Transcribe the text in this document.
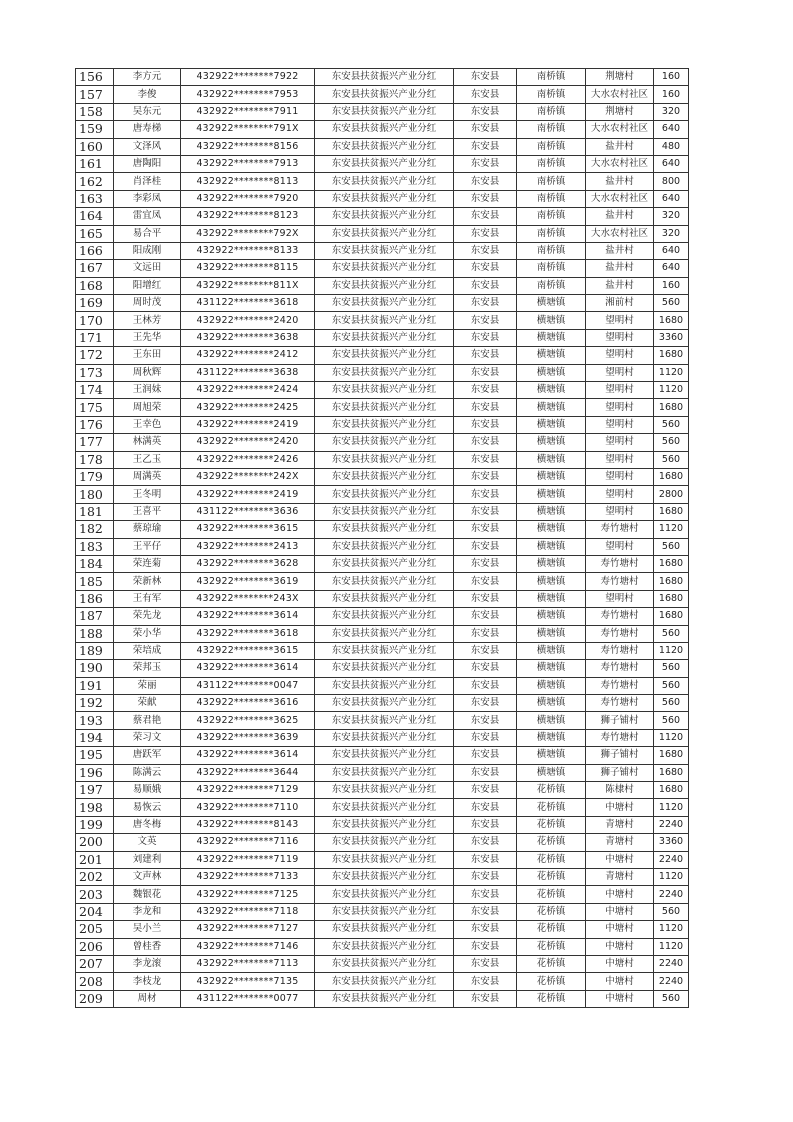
156	李方元	432922********7922	东安县扶贫振兴产业分红	东安县	南桥镇	荆塘村	160
157	李俊	432922********7953	东安县扶贫振兴产业分红	东安县	南桥镇	大水农村社区	160
158	吴东元	432922********7911	东安县扶贫振兴产业分红	东安县	南桥镇	荆塘村	320
159	唐寿梯	432922********791X	东安县扶贫振兴产业分红	东安县	南桥镇	大水农村社区	640
160	文泽风	432922********8156	东安县扶贫振兴产业分红	东安县	南桥镇	盐井村	480
161	唐陶阳	432922********7913	东安县扶贫振兴产业分红	东安县	南桥镇	大水农村社区	640
162	肖泽桂	432922********8113	东安县扶贫振兴产业分红	东安县	南桥镇	盐井村	800
163	李彩凤	432922********7920	东安县扶贫振兴产业分红	东安县	南桥镇	大水农村社区	640
164	雷宜凤	432922********8123	东安县扶贫振兴产业分红	东安县	南桥镇	盐井村	320
165	易合平	432922********792X	东安县扶贫振兴产业分红	东安县	南桥镇	大水农村社区	320
166	阳成刚	432922********8133	东安县扶贫振兴产业分红	东安县	南桥镇	盐井村	640
167	文远田	432922********8115	东安县扶贫振兴产业分红	东安县	南桥镇	盐井村	640
168	阳增红	432922********811X	东安县扶贫振兴产业分红	东安县	南桥镇	盐井村	160
169	周时茂	431122********3618	东安县扶贫振兴产业分红	东安县	横塘镇	湘前村	560
170	王林芳	432922********2420	东安县扶贫振兴产业分红	东安县	横塘镇	望明村	1680
171	王先华	432922********3638	东安县扶贫振兴产业分红	东安县	横塘镇	望明村	3360
172	王东田	432922********2412	东安县扶贫振兴产业分红	东安县	横塘镇	望明村	1680
173	周秋辉	431122********3638	东安县扶贫振兴产业分红	东安县	横塘镇	望明村	1120
174	王润妹	432922********2424	东安县扶贫振兴产业分红	东安县	横塘镇	望明村	1120
175	周旭荣	432922********2425	东安县扶贫振兴产业分红	东安县	横塘镇	望明村	1680
176	王幸色	432922********2419	东安县扶贫振兴产业分红	东安县	横塘镇	望明村	560
177	林满英	432922********2420	东安县扶贫振兴产业分红	东安县	横塘镇	望明村	560
178	王乙玉	432922********2426	东安县扶贫振兴产业分红	东安县	横塘镇	望明村	560
179	周满英	432922********242X	东安县扶贫振兴产业分红	东安县	横塘镇	望明村	1680
180	王冬明	432922********2419	东安县扶贫振兴产业分红	东安县	横塘镇	望明村	2800
181	王喜平	431122********3636	东安县扶贫振兴产业分红	东安县	横塘镇	望明村	1680
182	蔡琼瑜	432922********3615	东安县扶贫振兴产业分红	东安县	横塘镇	寿竹塘村	1120
183	王平仔	432922********2413	东安县扶贫振兴产业分红	东安县	横塘镇	望明村	560
184	荣连菊	432922********3628	东安县扶贫振兴产业分红	东安县	横塘镇	寿竹塘村	1680
185	荣新林	432922********3619	东安县扶贫振兴产业分红	东安县	横塘镇	寿竹塘村	1680
186	王有军	432922********243X	东安县扶贫振兴产业分红	东安县	横塘镇	望明村	1680
187	荣先龙	432922********3614	东安县扶贫振兴产业分红	东安县	横塘镇	寿竹塘村	1680
188	荣小华	432922********3618	东安县扶贫振兴产业分红	东安县	横塘镇	寿竹塘村	560
189	荣培成	432922********3615	东安县扶贫振兴产业分红	东安县	横塘镇	寿竹塘村	1120
190	荣邦玉	432922********3614	东安县扶贫振兴产业分红	东安县	横塘镇	寿竹塘村	560
191	荣丽	431122********0047	东安县扶贫振兴产业分红	东安县	横塘镇	寿竹塘村	560
192	荣献	432922********3616	东安县扶贫振兴产业分红	东安县	横塘镇	寿竹塘村	560
193	蔡君艳	432922********3625	东安县扶贫振兴产业分红	东安县	横塘镇	狮子铺村	560
194	荣习文	432922********3639	东安县扶贫振兴产业分红	东安县	横塘镇	寿竹塘村	1120
195	唐跃军	432922********3614	东安县扶贫振兴产业分红	东安县	横塘镇	狮子铺村	1680
196	陈满云	432922********3644	东安县扶贫振兴产业分红	东安县	横塘镇	狮子铺村	1680
197	易顺娥	432922********7129	东安县扶贫振兴产业分红	东安县	花桥镇	陈棣村	1680
198	易恢云	432922********7110	东安县扶贫振兴产业分红	东安县	花桥镇	中塘村	1120
199	唐冬梅	432922********8143	东安县扶贫振兴产业分红	东安县	花桥镇	青塘村	2240
200	文英	432922********7116	东安县扶贫振兴产业分红	东安县	花桥镇	青塘村	3360
201	刘建利	432922********7119	东安县扶贫振兴产业分红	东安县	花桥镇	中塘村	2240
202	文声林	432922********7133	东安县扶贫振兴产业分红	东安县	花桥镇	青塘村	1120
203	魏银花	432922********7125	东安县扶贫振兴产业分红	东安县	花桥镇	中塘村	2240
204	李龙和	432922********7118	东安县扶贫振兴产业分红	东安县	花桥镇	中塘村	560
205	吴小兰	432922********7127	东安县扶贫振兴产业分红	东安县	花桥镇	中塘村	1120
206	曾桂香	432922********7146	东安县扶贫振兴产业分红	东安县	花桥镇	中塘村	1120
207	李龙滚	432922********7113	东安县扶贫振兴产业分红	东安县	花桥镇	中塘村	2240
208	李枝龙	432922********7135	东安县扶贫振兴产业分红	东安县	花桥镇	中塘村	2240
209	周材	431122********0077	东安县扶贫振兴产业分红	东安县	花桥镇	中塘村	560
